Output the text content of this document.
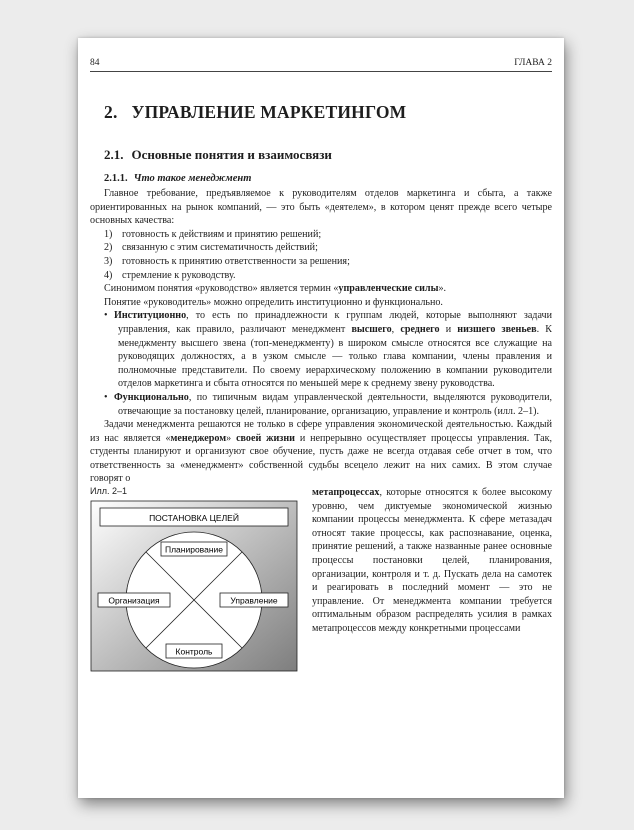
84	ГЛАВА 2
2. УПРАВЛЕНИЕ МАРКЕТИНГОМ
2.1. Основные понятия и взаимосвязи
2.1.1. Что такое менеджмент

Главное требование, предъявляемое к руководителям отделов маркетинга и сбыта, а также ориентированных на рынок компаний, — это быть «деятелем», в котором ценят прежде всего четыре основных качества:

1) готовность к действиям и принятию решений;
2) связанную с этим систематичность действий;
3) готовность к принятию ответственности за решения;
4) стремление к руководству.

Синонимом понятия «руководство» является термин «управленческие силы».

Понятие «руководитель» можно определить институционно и функционально.

• Институционно, то есть по принадлежности к группам людей, которые выполняют задачи управления, как правило, различают менеджмент высшего, среднего и низшего звеньев. К менеджменту высшего звена (топ-менеджменту) в широком смысле относятся все служащие на руководящих должностях, а в узком смысле — только глава компании, члены правления и полномочные представители. По своему иерархическому положению в компании руководители отделов маркетинга и сбыта относятся по меньшей мере к среднему звену руководства.

• Функционально, по типичным видам управленческой деятельности, выделяются руководители, отвечающие за постановку целей, планирование, организацию, управление и контроль (илл. 2–1).

Задачи менеджмента решаются не только в сфере управления экономической деятельностью. Каждый из нас является «менеджером» своей жизни и непрерывно осуществляет процессы управления. Так, студенты планируют и организуют свое обучение, пусть даже не всегда отдавая себе отчет в том, что ответственность за «менеджмент» собственной судьбы всецело лежит на них самих. В этом случае говорят о

Илл. 2–1
ПОСТАНОВКА ЦЕЛЕЙ
Планирование
Организация	Управление
Контроль

метапроцессах, которые относятся к более высокому уровню, чем диктуемые экономической жизнью компании процессы менеджмента. К сфере метазадач относят такие процессы, как распознавание, оценка, принятие решений, а также названные ранее основные процессы постановки целей, планирования, организации, контроля и т. д. Пускать дела на самотек и реагировать в последний момент — это не управление. От менеджмента компании требуется оптимальным образом распределять усилия в рамках метапроцессов между конкретными процессами
